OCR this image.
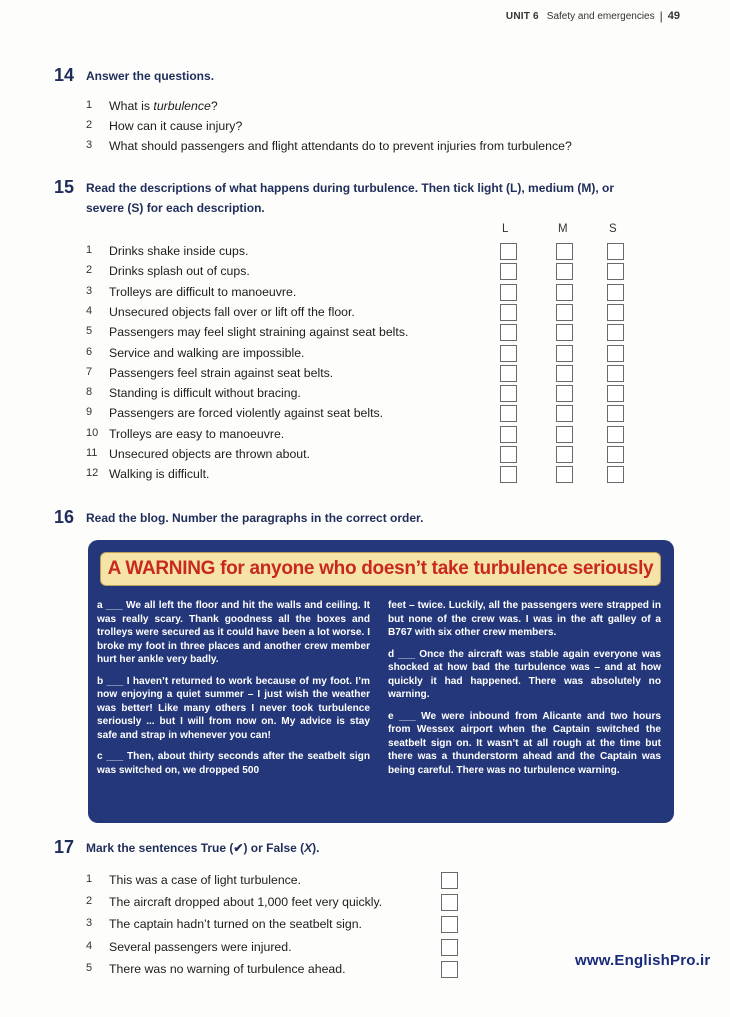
UNIT 6 Safety and emergencies | 49
14 Answer the questions.
1	What is turbulence?
2	How can it cause injury?
3	What should passengers and flight attendants do to prevent injuries from turbulence?
15 Read the descriptions of what happens during turbulence. Then tick light (L), medium (M), or
severe (S) for each description.
L	M	S
1	Drinks shake inside cups.
2	Drinks splash out of cups.
3	Trolleys are difficult to manoeuvre.
4	Unsecured objects fall over or lift off the floor.
5	Passengers may feel slight straining against seat belts.
6	Service and walking are impossible.
7	Passengers feel strain against seat belts.
8	Standing is difficult without bracing.
9	Passengers are forced violently against seat belts.
10 Trolleys are easy to manoeuvre.
11 Unsecured objects are thrown about.
12 Walking is difficult.
16 Read the blog. Number the paragraphs in the correct order.
A WARNING for anyone who doesn’t take turbulence seriously

a ___ We all left the floor and hit the walls and ceiling. It was really scary. Thank goodness all the boxes and trolleys were secured as it could have been a lot worse. I broke my foot in three places and another crew member hurt her ankle very badly.

b ___ I haven’t returned to work because of my foot. I’m now enjoying a quiet summer – I just wish the weather was better! Like many others I never took turbulence seriously ... but I will from now on. My advice is stay safe and strap in whenever you can!

c ___ Then, about thirty seconds after the seatbelt sign was switched on, we dropped 500

feet – twice. Luckily, all the passengers were strapped in but none of the crew was. I was in the aft galley of a B767 with six other crew members.

d ___ Once the aircraft was stable again everyone was shocked at how bad the turbulence was – and at how quickly it had happened. There was absolutely no warning.

e ___ We were inbound from Alicante and two hours from Wessex airport when the Captain switched the seatbelt sign on. It wasn’t at all rough at the time but there was a thunderstorm ahead and the Captain was being careful. There was no turbulence warning.

17 Mark the sentences True (✔) or False (X).
1	This was a case of light turbulence.
2	The aircraft dropped about 1,000 feet very quickly.
3	The captain hadn’t turned on the seatbelt sign.
4	Several passengers were injured.
5	There was no warning of turbulence ahead.	www.EnglishPro.ir
